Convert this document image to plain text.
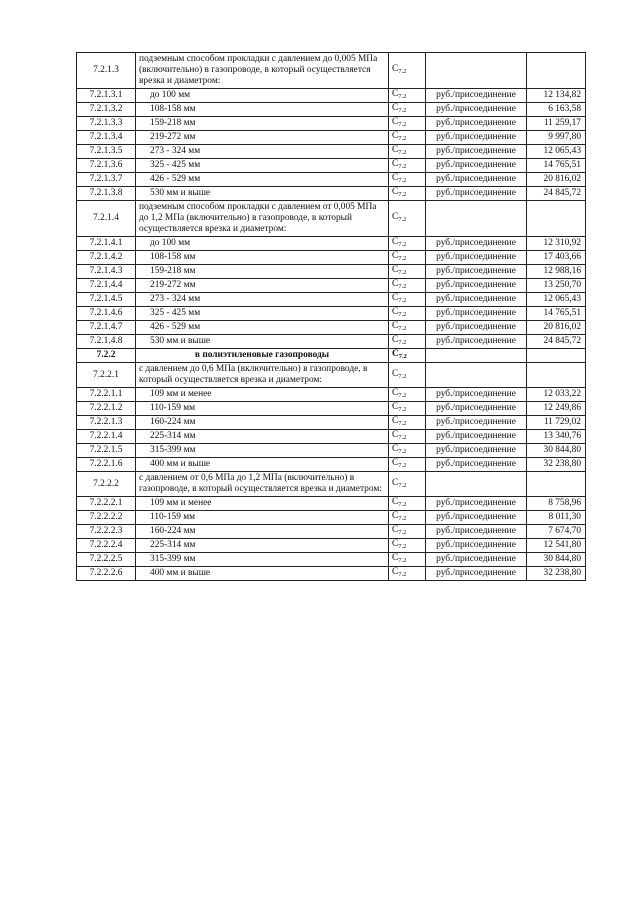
7.2.1.3	подземным способом прокладки с давлением до 0,005 МПа (включительно) в газопроводе, в который осуществляется врезка и диаметром:	$C_{7.2}$		
7.2.1.3.1	до 100 мм	$C_{7.2}$	руб./присоединение	12 134,82
7.2.1.3.2	108-158 мм	$C_{7.2}$	руб./присоединение	6 163,58
7.2.1.3.3	159-218 мм	$C_{7.2}$	руб./присоединение	11 259,17
7.2.1.3.4	219-272 мм	$C_{7.2}$	руб./присоединение	9 997,80
7.2.1.3.5	273 - 324 мм	$C_{7.2}$	руб./присоединение	12 065,43
7.2.1.3.6	325 - 425 мм	$C_{7.2}$	руб./присоединение	14 765,51
7.2.1.3.7	426 - 529 мм	$C_{7.2}$	руб./присоединение	20 816,02
7.2.1.3.8	530 мм и выше	$C_{7.2}$	руб./присоединение	24 845,72
7.2.1.4	подземным способом прокладки с давлением от 0,005 МПа до 1,2 МПа (включительно) в газопроводе, в который осуществляется врезка и диаметром:	$C_{7.2}$		
7.2.1.4.1	до 100 мм	$C_{7.2}$	руб./присоединение	12 310,92
7.2.1.4.2	108-158 мм	$C_{7.2}$	руб./присоединение	17 403,66
7.2.1.4.3	159-218 мм	$C_{7.2}$	руб./присоединение	12 988,16
7.2.1.4.4	219-272 мм	$C_{7.2}$	руб./присоединение	13 250,70
7.2.1.4.5	273 - 324 мм	$C_{7.2}$	руб./присоединение	12 065,43
7.2.1.4.6	325 - 425 мм	$C_{7.2}$	руб./присоединение	14 765,51
7.2.1.4.7	426 - 529 мм	$C_{7.2}$	руб./присоединение	20 816,02
7.2.1.4.8	530 мм и выше	$C_{7.2}$	руб./присоединение	24 845,72
7.2.2	в полиэтиленовые газопроводы	$C_{7.2}$		
7.2.2.1	с давлением до 0,6 МПа (включительно) в газопроводе, в который осуществляется врезка и диаметром:	$C_{7.2}$		
7.2.2.1.1	109 мм и менее	$C_{7.2}$	руб./присоединение	12 033,22
7.2.2.1.2	110-159 мм	$C_{7.2}$	руб./присоединение	12 249,86
7.2.2.1.3	160-224 мм	$C_{7.2}$	руб./присоединение	11 729,02
7.2.2.1.4	225-314 мм	$C_{7.2}$	руб./присоединение	13 340,76
7.2.2.1.5	315-399 мм	$C_{7.2}$	руб./присоединение	30 844,80
7.2.2.1.6	400 мм и выше	$C_{7.2}$	руб./присоединение	32 238,80
7.2.2.2	с давлением от 0,6 МПа до 1,2 МПа (включительно) в газопроводе, в который осуществляется врезка и диаметром:	$C_{7.2}$		
7.2.2.2.1	109 мм и менее	$C_{7.2}$	руб./присоединение	8 758,96
7.2.2.2.2	110-159 мм	$C_{7.2}$	руб./присоединение	8 011,30
7.2.2.2.3	160-224 мм	$C_{7.2}$	руб./присоединение	7 674,70
7.2.2.2.4	225-314 мм	$C_{7.2}$	руб./присоединение	12 541,80
7.2.2.2.5	315-399 мм	$C_{7.2}$	руб./присоединение	30 844,80
7.2.2.2.6	400 мм и выше	$C_{7.2}$	руб./присоединение	32 238,80
